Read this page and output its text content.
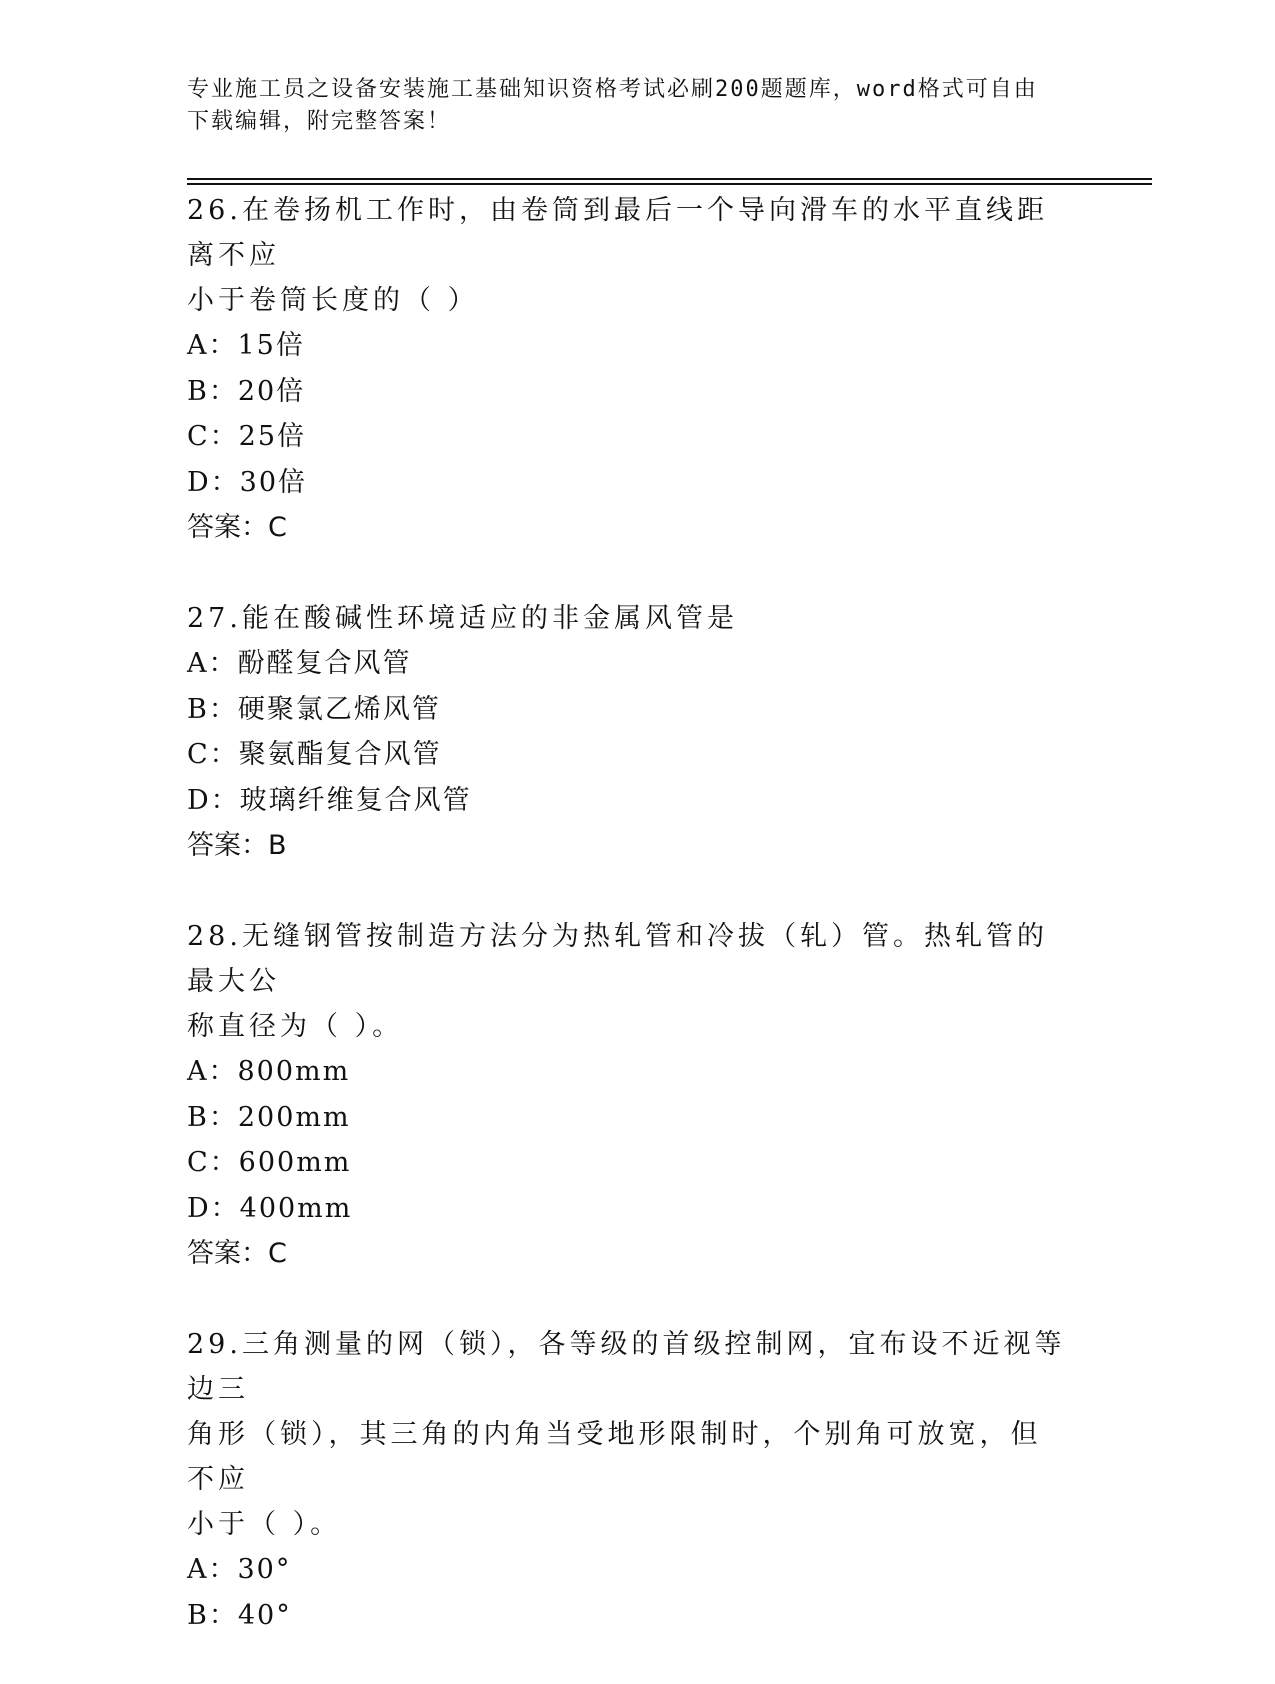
专业施工员之设备安装施工基础知识资格考试必刷200题题库，word格式可自由
下载编辑，附完整答案！

26.在卷扬机工作时，由卷筒到最后一个导向滑车的水平直线距离不应

小于卷筒长度的（ ）

A：15倍

B：20倍

C：25倍

D：30倍

答案：C

27.能在酸碱性环境适应的非金属风管是

A：酚醛复合风管

B：硬聚氯乙烯风管

C：聚氨酯复合风管

D：玻璃纤维复合风管

答案：B

28.无缝钢管按制造方法分为热轧管和冷拔（轧）管。热轧管的最大公

称直径为（ ）。

A：800mm

B：200mm

C：600mm

D：400mm

答案：C

29.三角测量的网（锁），各等级的首级控制网，宜布设不近视等边三

角形（锁），其三角的内角当受地形限制时，个别角可放宽，但不应

小于（ ）。

A：30°

B：40°
